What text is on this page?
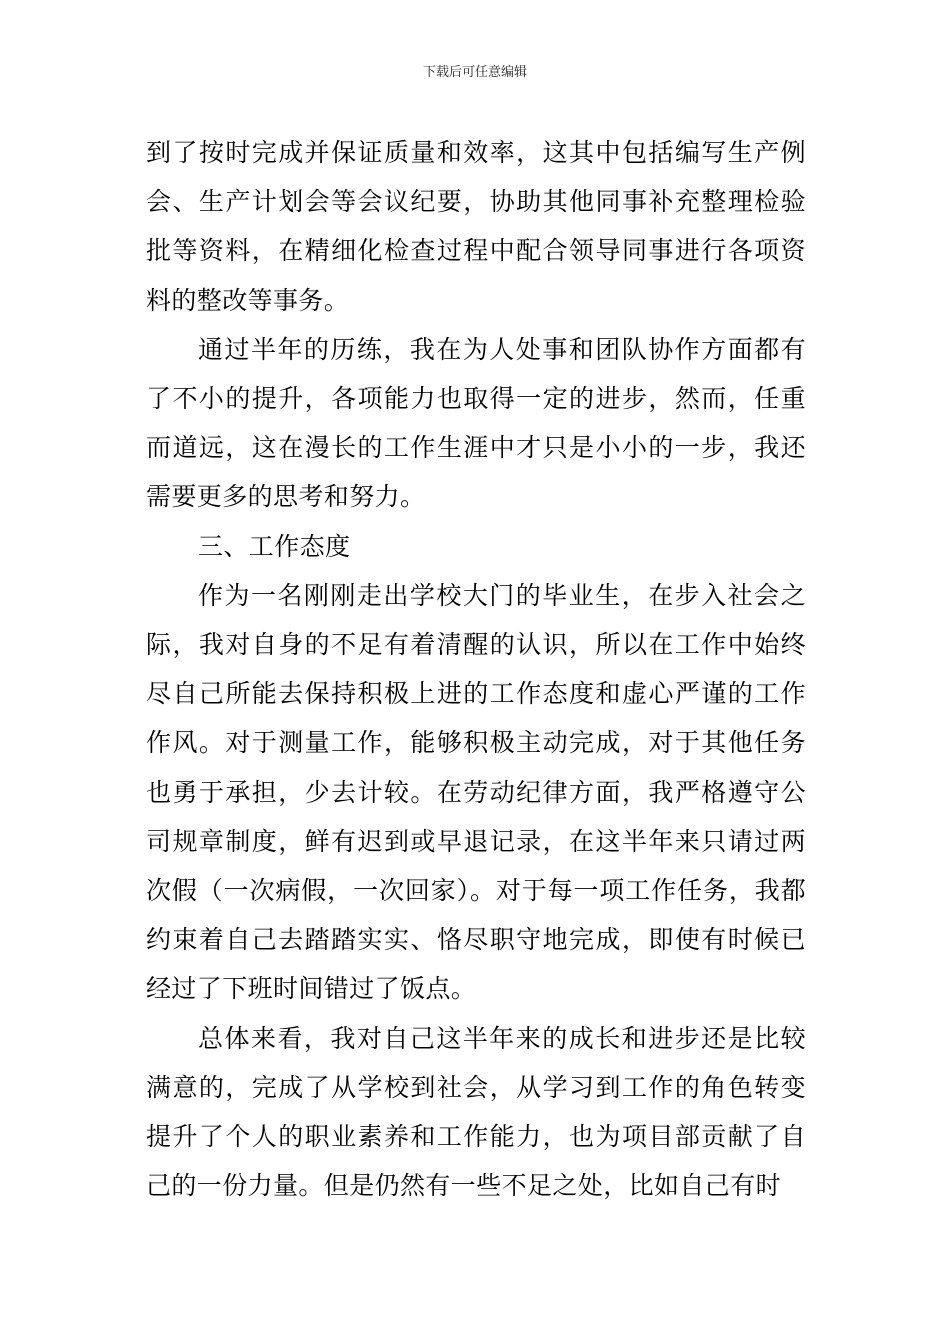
下载后可任意编辑

到了按时完成并保证质量和效率，这其中包括编写生产例会、生产计划会等会议纪要，协助其他同事补充整理检验批等资料，在精细化检查过程中配合领导同事进行各项资料的整改等事务。

通过半年的历练，我在为人处事和团队协作方面都有了不小的提升，各项能力也取得一定的进步，然而，任重而道远，这在漫长的工作生涯中才只是小小的一步，我还需要更多的思考和努力。

三、工作态度

作为一名刚刚走出学校大门的毕业生，在步入社会之际，我对自身的不足有着清醒的认识，所以在工作中始终尽自己所能去保持积极上进的工作态度和虚心严谨的工作作风。对于测量工作，能够积极主动完成，对于其他任务也勇于承担，少去计较。在劳动纪律方面，我严格遵守公司规章制度，鲜有迟到或早退记录，在这半年来只请过两次假（一次病假，一次回家）。对于每一项工作任务，我都约束着自己去踏踏实实、恪尽职守地完成，即使有时候已经过了下班时间错过了饭点。

总体来看，我对自己这半年来的成长和进步还是比较满意的，完成了从学校到社会，从学习到工作的角色转变提升了个人的职业素养和工作能力，也为项目部贡献了自己的一份力量。但是仍然有一些不足之处，比如自己有时
